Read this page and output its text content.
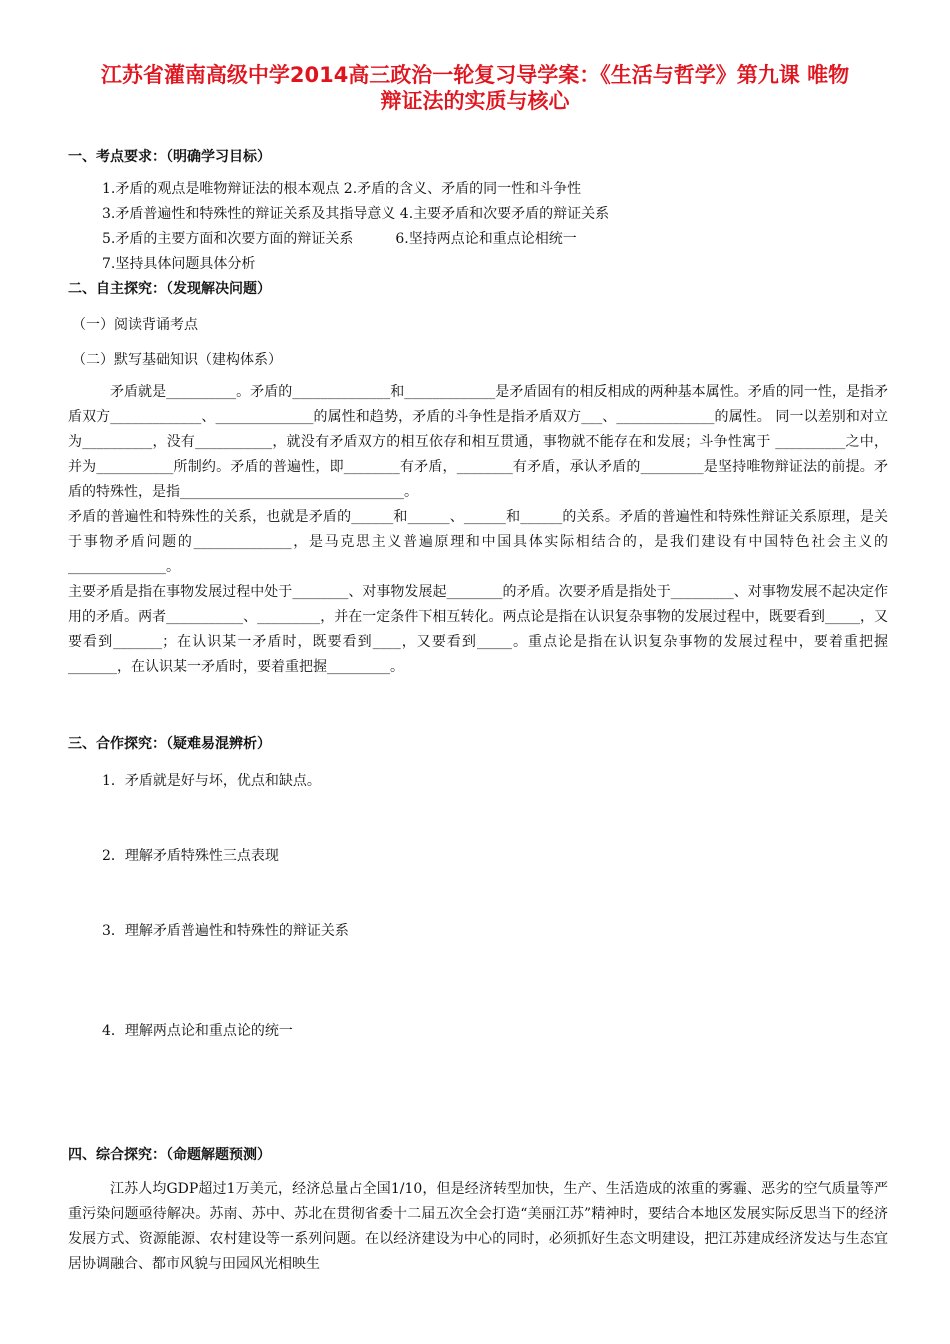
江苏省灌南高级中学2014高三政治一轮复习导学案：《生活与哲学》第九课 唯物
辩证法的实质与核心
一、考点要求：（明确学习目标）
1.矛盾的观点是唯物辩证法的根本观点 2.矛盾的含义、矛盾的同一性和斗争性
3.矛盾普遍性和特殊性的辩证关系及其指导意义 4.主要矛盾和次要矛盾的辩证关系
5.矛盾的主要方面和次要方面的辩证关系　　　6.坚持两点论和重点论相统一
7.坚持具体问题具体分析
二、自主探究：（发现解决问题）
（一）阅读背诵考点
（二）默写基础知识（建构体系）

矛盾就是__________。矛盾的______________和_____________是矛盾固有的相反相成的两种基本属性。矛盾的同一性，是指矛盾双方_____________、______________的属性和趋势，矛盾的斗争性是指矛盾双方___、______________的属性。 同一以差别和对立为__________，没有___________，就没有矛盾双方的相互依存和相互贯通，事物就不能存在和发展；斗争性寓于 __________之中，并为___________所制约。矛盾的普遍性，即________有矛盾，________有矛盾，承认矛盾的_________是坚持唯物辩证法的前提。矛盾的特殊性，是指________________________________。

矛盾的普遍性和特殊性的关系，也就是矛盾的______和______、______和______的关系。矛盾的普遍性和特殊性辩证关系原理，是关于事物矛盾问题的______________，是马克思主义普遍原理和中国具体实际相结合的，是我们建设有中国特色社会主义的______________。

主要矛盾是指在事物发展过程中处于________、对事物发展起________的矛盾。次要矛盾是指处于_________、对事物发展不起决定作用的矛盾。两者___________、_________，并在一定条件下相互转化。两点论是指在认识复杂事物的发展过程中，既要看到_____，又要看到_______；在认识某一矛盾时，既要看到____，又要看到_____。重点论是指在认识复杂事物的发展过程中，要着重把握_______，在认识某一矛盾时，要着重把握_________。

三、合作探究：（疑难易混辨析）
1．矛盾就是好与坏，优点和缺点。
2．理解矛盾特殊性三点表现
3．理解矛盾普遍性和特殊性的辩证关系
4．理解两点论和重点论的统一
四、综合探究：（命题解题预测）

江苏人均GDP超过1万美元，经济总量占全国1/10，但是经济转型加快，生产、生活造成的浓重的雾霾、恶劣的空气质量等严重污染问题亟待解决。苏南、苏中、苏北在贯彻省委十二届五次全会打造“美丽江苏”精神时，要结合本地区发展实际反思当下的经济发展方式、资源能源、农村建设等一系列问题。在以经济建设为中心的同时，必须抓好生态文明建设，把江苏建成经济发达与生态宜居协调融合、都市风貌与田园风光相映生
